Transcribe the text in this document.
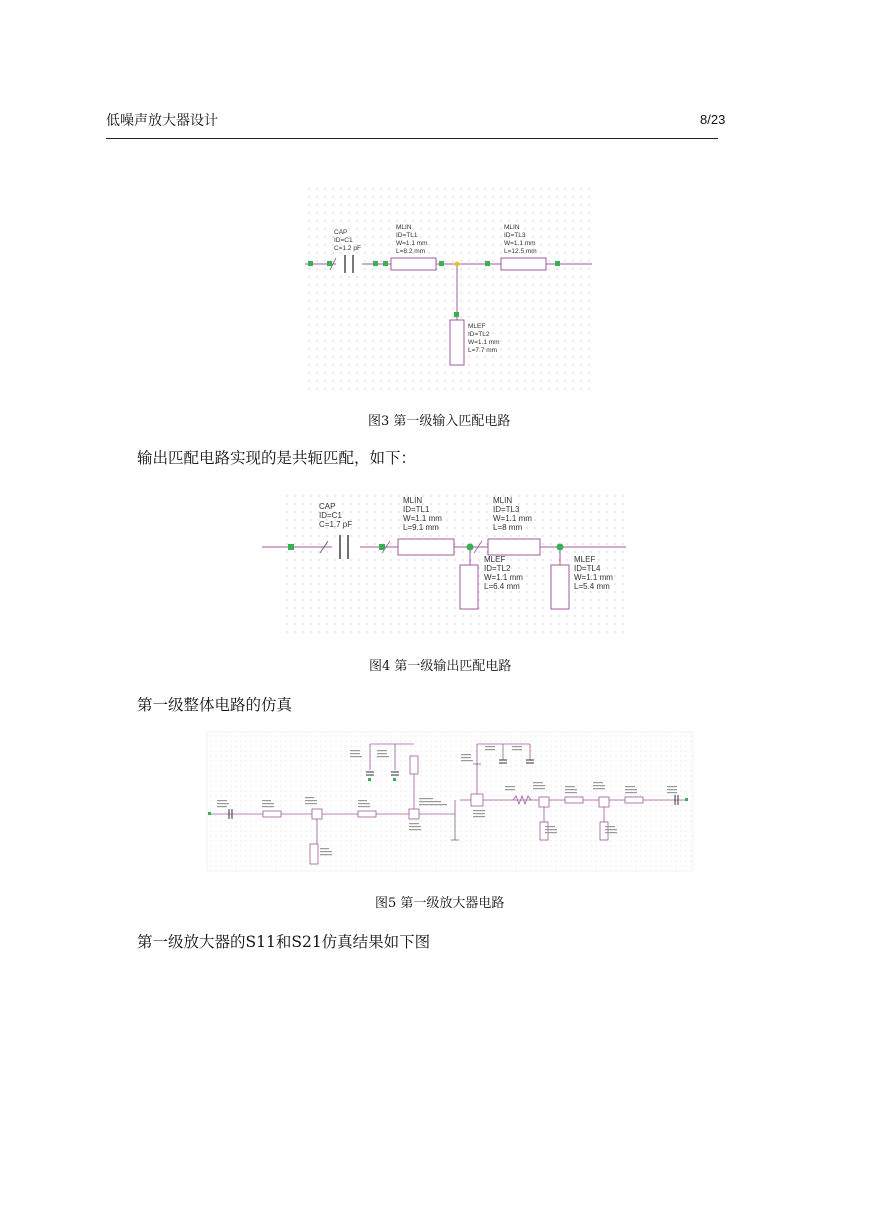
低噪声放大器设计	8/23
CAP
ID=C1
C=1.2 pF
MLIN
ID=TL1
W=1.1 mm
L=8.2 mm
MLIN
ID=TL3
W=1.1 mm
L=12.5 mm
MLEF
ID=TL2
W=1.1 mm
L=7.7 mm
图3 第一级输入匹配电路
输出匹配电路实现的是共轭匹配，如下：
CAP
ID=C1
C=1.7 pF
MLIN
ID=TL1
W=1.1 mm
L=9.1 mm
MLIN
ID=TL3
W=1.1 mm
L=8 mm
MLEF
ID=TL2
W=1.1 mm
L=6.4 mm
MLEF
ID=TL4
W=1.1 mm
L=5.4 mm
图4 第一级输出匹配电路
第一级整体电路的仿真
图5 第一级放大器电路
第一级放大器的S11和S21仿真结果如下图
